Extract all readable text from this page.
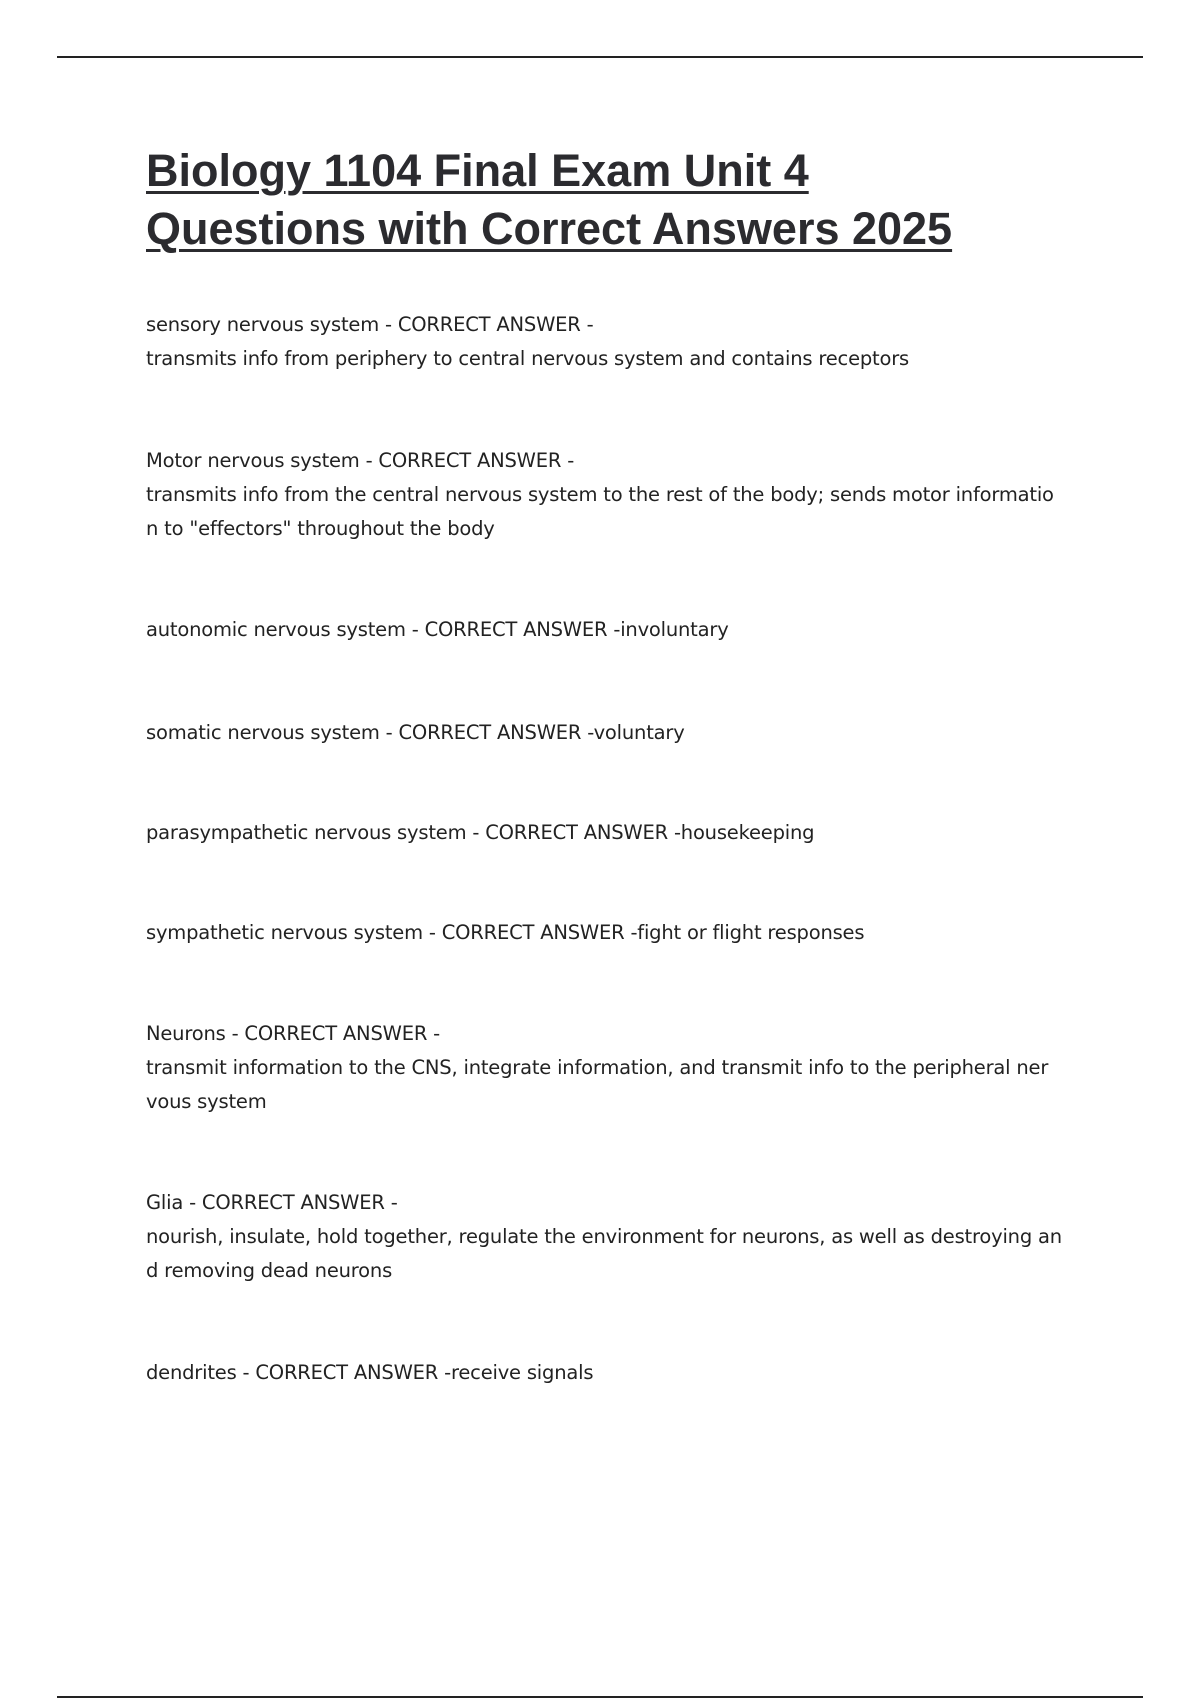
Biology 1104 Final Exam Unit 4
Questions with Correct Answers 2025
sensory nervous system - CORRECT ANSWER -
transmits info from periphery to central nervous system and contains receptors
Motor nervous system - CORRECT ANSWER -
transmits info from the central nervous system to the rest of the body; sends motor informatio
n to "effectors" throughout the body
autonomic nervous system - CORRECT ANSWER -involuntary
somatic nervous system - CORRECT ANSWER -voluntary
parasympathetic nervous system - CORRECT ANSWER -housekeeping
sympathetic nervous system - CORRECT ANSWER -fight or flight responses
Neurons - CORRECT ANSWER -
transmit information to the CNS, integrate information, and transmit info to the peripheral ner
vous system
Glia - CORRECT ANSWER -
nourish, insulate, hold together, regulate the environment for neurons, as well as destroying an
d removing dead neurons
dendrites - CORRECT ANSWER -receive signals
